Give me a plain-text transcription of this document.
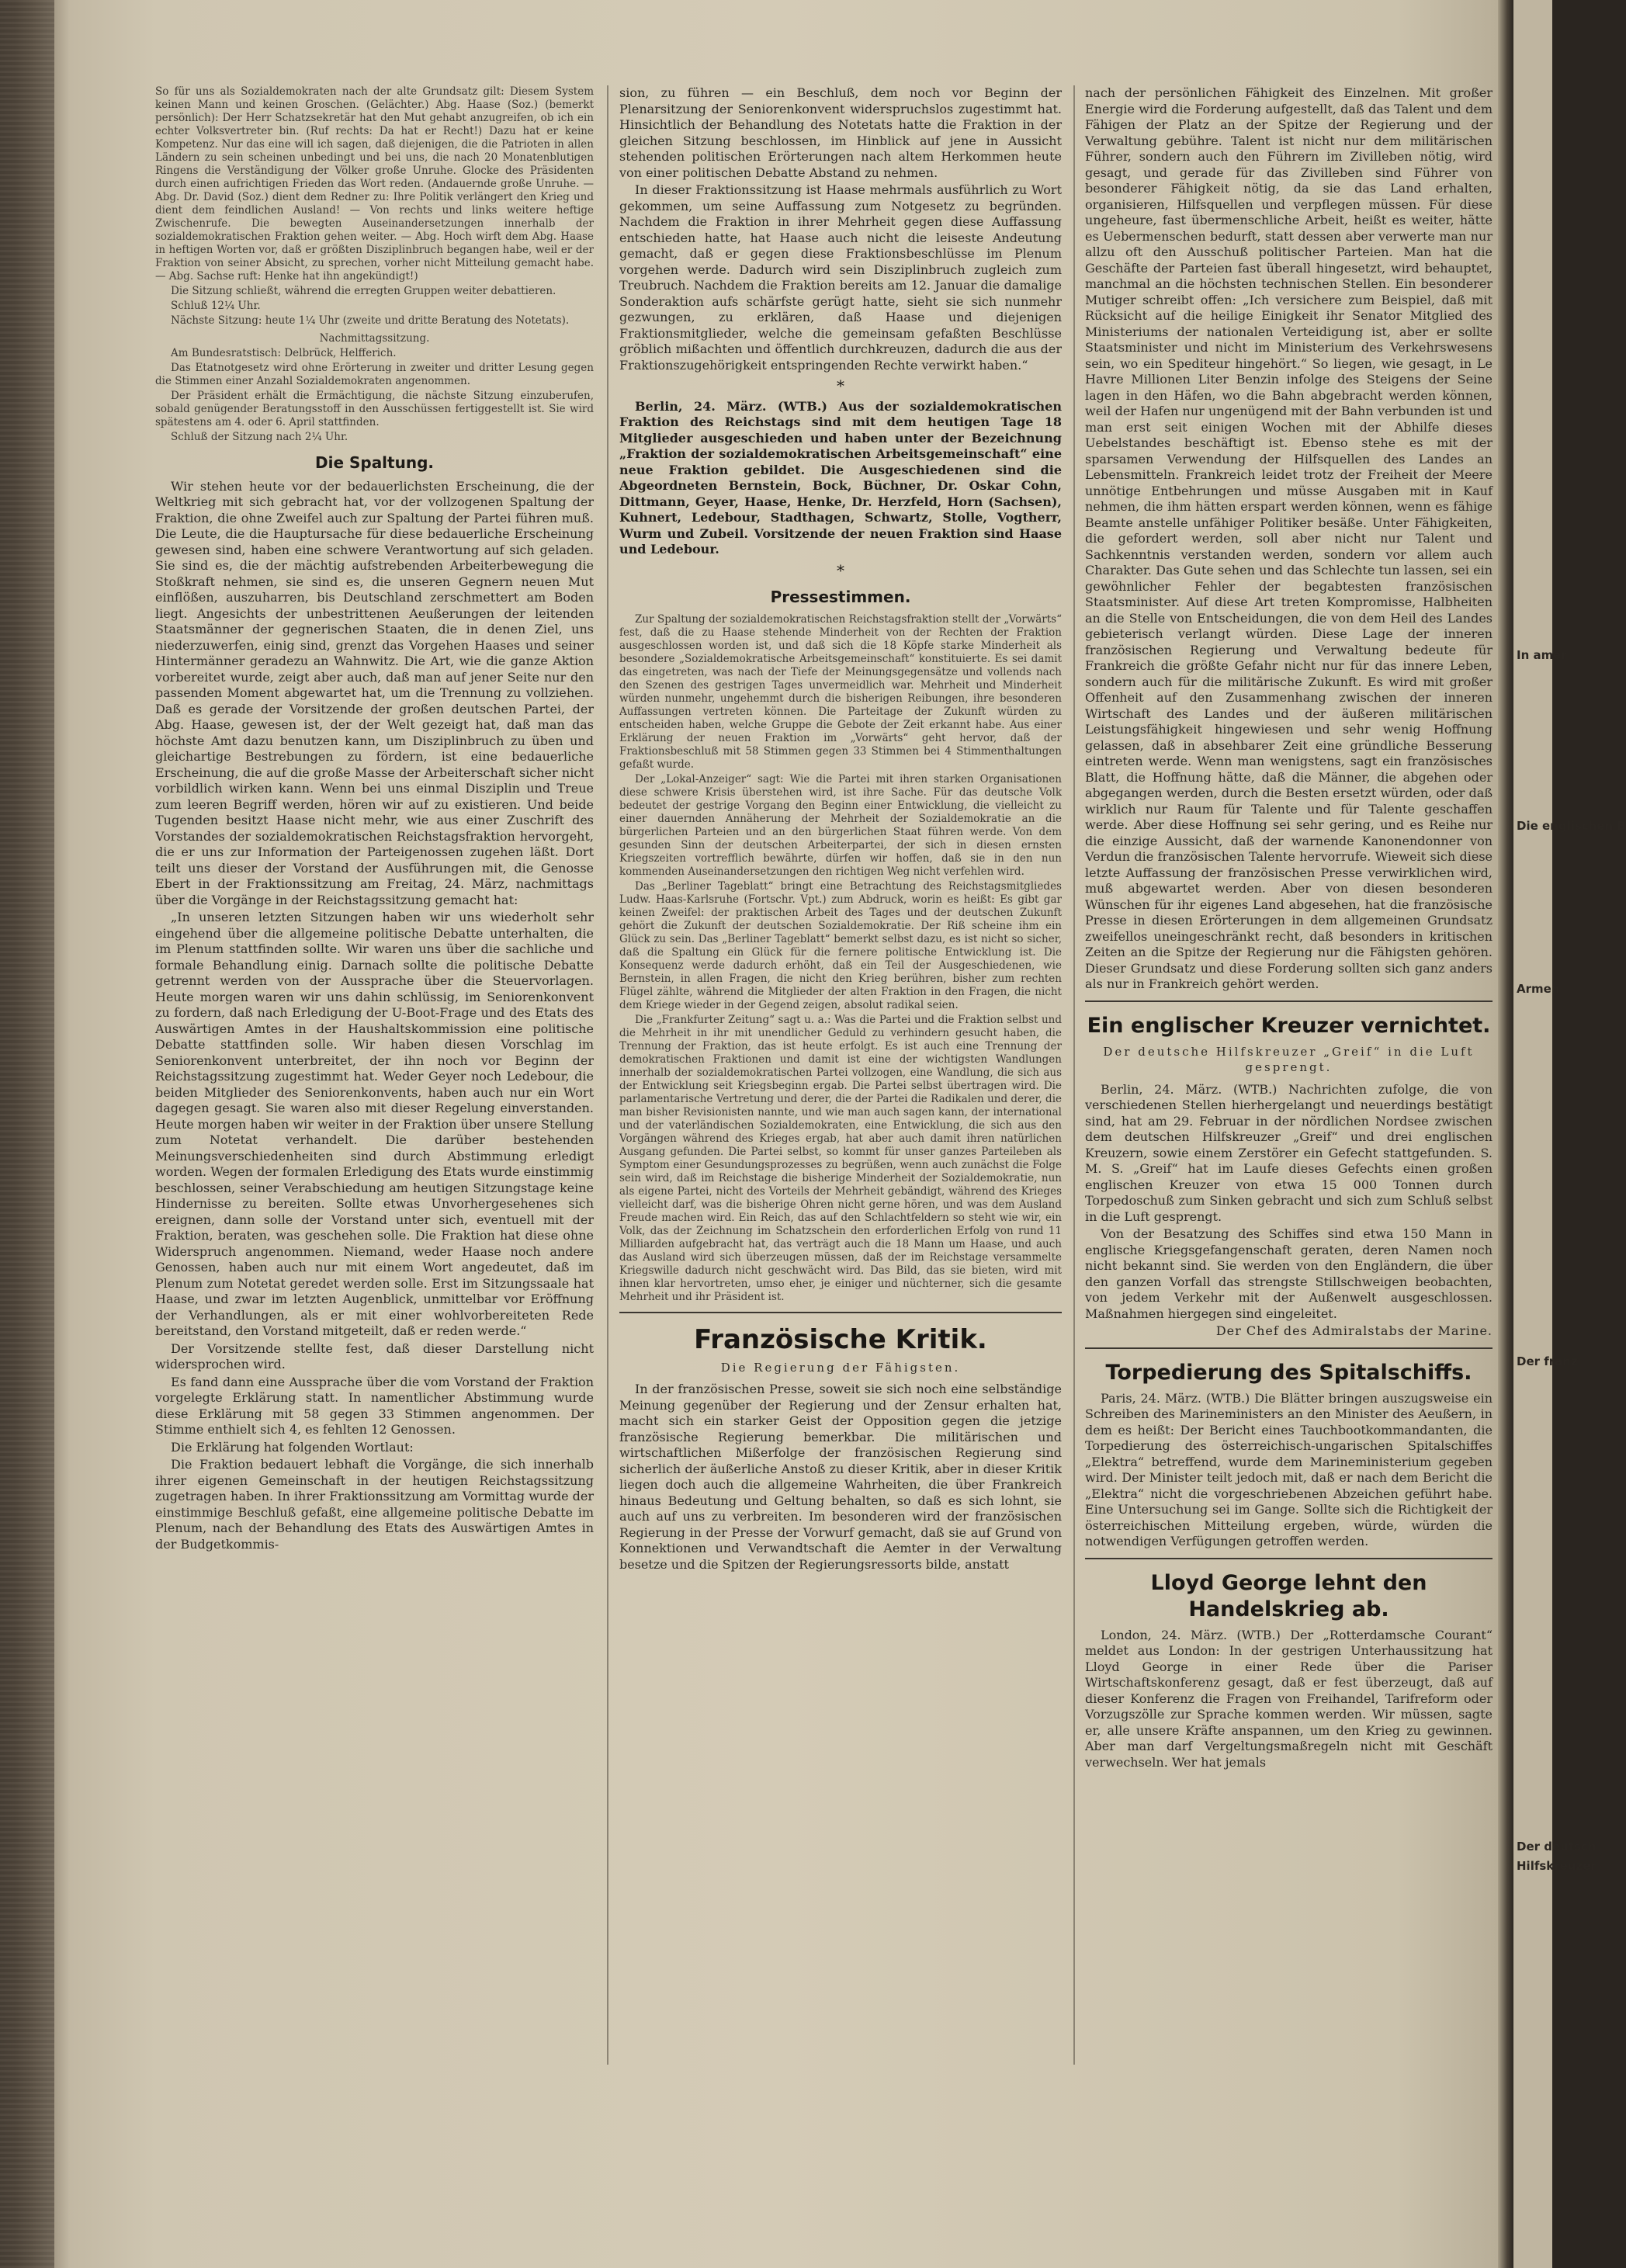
So für uns als Sozialdemokraten nach der alte Grundsatz gilt: Diesem System keinen Mann und keinen Groschen. (Gelächter.) Abg. Haase (Soz.) (bemerkt persönlich): Der Herr Schatzsekretär hat den Mut gehabt anzugreifen, ob ich ein echter Volksvertreter bin. (Ruf rechts: Da hat er Recht!) Dazu hat er keine Kompetenz. Nur das eine will ich sagen, daß diejenigen, die die Patrioten in allen Ländern zu sein scheinen unbedingt und bei uns, die nach 20 Monatenblutigen Ringens die Verständigung der Völker große Unruhe. Glocke des Präsidenten durch einen aufrichtigen Frieden das Wort reden. (Andauernde große Unruhe. — Abg. Dr. David (Soz.) dient dem Redner zu: Ihre Politik verlängert den Krieg und dient dem feindlichen Ausland! — Von rechts und links weitere heftige Zwischenrufe. Die bewegten Auseinandersetzungen innerhalb der sozialdemokratischen Fraktion gehen weiter. — Abg. Hoch wirft dem Abg. Haase in heftigen Worten vor, daß er größten Disziplinbruch begangen habe, weil er der Fraktion von seiner Absicht, zu sprechen, vorher nicht Mitteilung gemacht habe. — Abg. Sachse ruft: Henke hat ihn angekündigt!)

Die Sitzung schließt, während die erregten Gruppen weiter debattieren.

Schluß 12¼ Uhr.

Nächste Sitzung: heute 1¼ Uhr (zweite und dritte Beratung des Notetats).

Nachmittagssitzung.

Am Bundesratstisch: Delbrück, Helfferich.

Das Etatnotgesetz wird ohne Erörterung in zweiter und dritter Lesung gegen die Stimmen einer Anzahl Sozialdemokraten angenommen.

Der Präsident erhält die Ermächtigung, die nächste Sitzung einzuberufen, sobald genügender Beratungsstoff in den Ausschüssen fertiggestellt ist. Sie wird spätestens am 4. oder 6. April stattfinden.

Schluß der Sitzung nach 2¼ Uhr.

Die Spaltung.

Wir stehen heute vor der bedauerlichsten Erscheinung, die der Weltkrieg mit sich gebracht hat, vor der vollzogenen Spaltung der Fraktion, die ohne Zweifel auch zur Spaltung der Partei führen muß. Die Leute, die die Hauptursache für diese bedauerliche Erscheinung gewesen sind, haben eine schwere Verantwortung auf sich geladen. Sie sind es, die der mächtig aufstrebenden Arbeiterbewegung die Stoßkraft nehmen, sie sind es, die unseren Gegnern neuen Mut einflößen, auszuharren, bis Deutschland zerschmettert am Boden liegt. Angesichts der unbestrittenen Aeußerungen der leitenden Staatsmänner der gegnerischen Staaten, die in denen Ziel, uns niederzuwerfen, einig sind, grenzt das Vorgehen Haases und seiner Hintermänner geradezu an Wahnwitz. Die Art, wie die ganze Aktion vorbereitet wurde, zeigt aber auch, daß man auf jener Seite nur den passenden Moment abgewartet hat, um die Trennung zu vollziehen. Daß es gerade der Vorsitzende der großen deutschen Partei, der Abg. Haase, gewesen ist, der der Welt gezeigt hat, daß man das höchste Amt dazu benutzen kann, um Disziplinbruch zu üben und gleichartige Bestrebungen zu fördern, ist eine bedauerliche Erscheinung, die auf die große Masse der Arbeiterschaft sicher nicht vorbildlich wirken kann. Wenn bei uns einmal Disziplin und Treue zum leeren Begriff werden, hören wir auf zu existieren. Und beide Tugenden besitzt Haase nicht mehr, wie aus einer Zuschrift des Vorstandes der sozialdemokratischen Reichstagsfraktion hervorgeht, die er uns zur Information der Parteigenossen zugehen läßt. Dort teilt uns dieser der Vorstand der Ausführungen mit, die Genosse Ebert in der Fraktionssitzung am Freitag, 24. März, nachmittags über die Vorgänge in der Reichstagssitzung gemacht hat:

„In unseren letzten Sitzungen haben wir uns wiederholt sehr eingehend über die allgemeine politische Debatte unterhalten, die im Plenum stattfinden sollte. Wir waren uns über die sachliche und formale Behandlung einig. Darnach sollte die politische Debatte getrennt werden von der Aussprache über die Steuervorlagen. Heute morgen waren wir uns dahin schlüssig, im Seniorenkonvent zu fordern, daß nach Erledigung der U-Boot-Frage und des Etats des Auswärtigen Amtes in der Haushaltskommission eine politische Debatte stattfinden solle. Wir haben diesen Vorschlag im Seniorenkonvent unterbreitet, der ihn noch vor Beginn der Reichstagssitzung zugestimmt hat. Weder Geyer noch Ledebour, die beiden Mitglieder des Seniorenkonvents, haben auch nur ein Wort dagegen gesagt. Sie waren also mit dieser Regelung einverstanden. Heute morgen haben wir weiter in der Fraktion über unsere Stellung zum Notetat verhandelt. Die darüber bestehenden Meinungsverschiedenheiten sind durch Abstimmung erledigt worden. Wegen der formalen Erledigung des Etats wurde einstimmig beschlossen, seiner Verabschiedung am heutigen Sitzungstage keine Hindernisse zu bereiten. Sollte etwas Unvorhergesehenes sich ereignen, dann solle der Vorstand unter sich, eventuell mit der Fraktion, beraten, was geschehen solle. Die Fraktion hat diese ohne Widerspruch angenommen. Niemand, weder Haase noch andere Genossen, haben auch nur mit einem Wort angedeutet, daß im Plenum zum Notetat geredet werden solle. Erst im Sitzungssaale hat Haase, und zwar im letzten Augenblick, unmittelbar vor Eröffnung der Verhandlungen, als er mit einer wohlvorbereiteten Rede bereitstand, den Vorstand mitgeteilt, daß er reden werde.“

Der Vorsitzende stellte fest, daß dieser Darstellung nicht widersprochen wird.

Es fand dann eine Aussprache über die vom Vorstand der Fraktion vorgelegte Erklärung statt. In namentlicher Abstimmung wurde diese Erklärung mit 58 gegen 33 Stimmen angenommen. Der Stimme enthielt sich 4, es fehlten 12 Genossen.

Die Erklärung hat folgenden Wortlaut:

Die Fraktion bedauert lebhaft die Vorgänge, die sich innerhalb ihrer eigenen Gemeinschaft in der heutigen Reichstagssitzung zugetragen haben. In ihrer Fraktionssitzung am Vormittag wurde der einstimmige Beschluß gefaßt, eine allgemeine politische Debatte im Plenum, nach der Behandlung des Etats des Auswärtigen Amtes in der Budgetkommis-

sion, zu führen — ein Beschluß, dem noch vor Beginn der Plenarsitzung der Seniorenkonvent widerspruchslos zugestimmt hat. Hinsichtlich der Behandlung des Notetats hatte die Fraktion in der gleichen Sitzung beschlossen, im Hinblick auf jene in Aussicht stehenden politischen Erörterungen nach altem Herkommen heute von einer politischen Debatte Abstand zu nehmen.

In dieser Fraktionssitzung ist Haase mehrmals ausführlich zu Wort gekommen, um seine Auffassung zum Notgesetz zu begründen. Nachdem die Fraktion in ihrer Mehrheit gegen diese Auffassung entschieden hatte, hat Haase auch nicht die leiseste Andeutung gemacht, daß er gegen diese Fraktionsbeschlüsse im Plenum vorgehen werde. Dadurch wird sein Disziplinbruch zugleich zum Treubruch. Nachdem die Fraktion bereits am 12. Januar die damalige Sonderaktion aufs schärfste gerügt hatte, sieht sie sich nunmehr gezwungen, zu erklären, daß Haase und diejenigen Fraktionsmitglieder, welche die gemeinsam gefaßten Beschlüsse gröblich mißachten und öffentlich durchkreuzen, dadurch die aus der Fraktionszugehörigkeit entspringenden Rechte verwirkt haben.“

*

Berlin, 24. März. (WTB.) Aus der sozialdemokratischen Fraktion des Reichstags sind mit dem heutigen Tage 18 Mitglieder ausgeschieden und haben unter der Bezeichnung „Fraktion der sozialdemokratischen Arbeitsgemeinschaft“ eine neue Fraktion gebildet. Die Ausgeschiedenen sind die Abgeordneten Bernstein, Bock, Büchner, Dr. Oskar Cohn, Dittmann, Geyer, Haase, Henke, Dr. Herzfeld, Horn (Sachsen), Kuhnert, Ledebour, Stadthagen, Schwartz, Stolle, Vogtherr, Wurm und Zubeil. Vorsitzende der neuen Fraktion sind Haase und Ledebour.

*
Pressestimmen.

Zur Spaltung der sozialdemokratischen Reichstagsfraktion stellt der „Vorwärts“ fest, daß die zu Haase stehende Minderheit von der Rechten der Fraktion ausgeschlossen worden ist, und daß sich die 18 Köpfe starke Minderheit als besondere „Sozialdemokratische Arbeitsgemeinschaft“ konstituierte. Es sei damit das eingetreten, was nach der Tiefe der Meinungsgegensätze und vollends nach den Szenen des gestrigen Tages unvermeidlich war. Mehrheit und Minderheit würden nunmehr, ungehemmt durch die bisherigen Reibungen, ihre besonderen Auffassungen vertreten können. Die Parteitage der Zukunft würden zu entscheiden haben, welche Gruppe die Gebote der Zeit erkannt habe. Aus einer Erklärung der neuen Fraktion im „Vorwärts“ geht hervor, daß der Fraktionsbeschluß mit 58 Stimmen gegen 33 Stimmen bei 4 Stimmenthaltungen gefaßt wurde.

Der „Lokal-Anzeiger“ sagt: Wie die Partei mit ihren starken Organisationen diese schwere Krisis überstehen wird, ist ihre Sache. Für das deutsche Volk bedeutet der gestrige Vorgang den Beginn einer Entwicklung, die vielleicht zu einer dauernden Annäherung der Mehrheit der Sozialdemokratie an die bürgerlichen Parteien und an den bürgerlichen Staat führen werde. Von dem gesunden Sinn der deutschen Arbeiterpartei, der sich in diesen ernsten Kriegszeiten vortrefflich bewährte, dürfen wir hoffen, daß sie in den nun kommenden Auseinandersetzungen den richtigen Weg nicht verfehlen wird.

Das „Berliner Tageblatt“ bringt eine Betrachtung des Reichstagsmitgliedes Ludw. Haas-Karlsruhe (Fortschr. Vpt.) zum Abdruck, worin es heißt: Es gibt gar keinen Zweifel: der praktischen Arbeit des Tages und der deutschen Zukunft gehört die Zukunft der deutschen Sozialdemokratie. Der Riß scheine ihm ein Glück zu sein. Das „Berliner Tageblatt“ bemerkt selbst dazu, es ist nicht so sicher, daß die Spaltung ein Glück für die fernere politische Entwicklung ist. Die Konsequenz werde dadurch erhöht, daß ein Teil der Ausgeschiedenen, wie Bernstein, in allen Fragen, die nicht den Krieg berühren, bisher zum rechten Flügel zählte, während die Mitglieder der alten Fraktion in den Fragen, die nicht dem Kriege wieder in der Gegend zeigen, absolut radikal seien.

Die „Frankfurter Zeitung“ sagt u. a.: Was die Partei und die Fraktion selbst und die Mehrheit in ihr mit unendlicher Geduld zu verhindern gesucht haben, die Trennung der Fraktion, das ist heute erfolgt. Es ist auch eine Trennung der demokratischen Fraktionen und damit ist eine der wichtigsten Wandlungen innerhalb der sozialdemokratischen Partei vollzogen, eine Wandlung, die sich aus der Entwicklung seit Kriegsbeginn ergab. Die Partei selbst übertragen wird. Die parlamentarische Vertretung und derer, die der Partei die Radikalen und derer, die man bisher Revisionisten nannte, und wie man auch sagen kann, der international und der vaterländischen Sozialdemokraten, eine Entwicklung, die sich aus den Vorgängen während des Krieges ergab, hat aber auch damit ihren natürlichen Ausgang gefunden. Die Partei selbst, so kommt für unser ganzes Parteileben als Symptom einer Gesundungsprozesses zu begrüßen, wenn auch zunächst die Folge sein wird, daß im Reichstage die bisherige Minderheit der Sozialdemokratie, nun als eigene Partei, nicht des Vorteils der Mehrheit gebändigt, während des Krieges vielleicht darf, was die bisherige Ohren nicht gerne hören, und was dem Ausland Freude machen wird. Ein Reich, das auf den Schlachtfeldern so steht wie wir, ein Volk, das der Zeichnung im Schatzschein den erforderlichen Erfolg von rund 11 Milliarden aufgebracht hat, das verträgt auch die 18 Mann um Haase, und auch das Ausland wird sich überzeugen müssen, daß der im Reichstage versammelte Kriegswille dadurch nicht geschwächt wird. Das Bild, das sie bieten, wird mit ihnen klar hervortreten, umso eher, je einiger und nüchterner, sich die gesamte Mehrheit und ihr Präsident ist.

Französische Kritik.
Die Regierung der Fähigsten.

In der französischen Presse, soweit sie sich noch eine selbständige Meinung gegenüber der Regierung und der Zensur erhalten hat, macht sich ein starker Geist der Opposition gegen die jetzige französische Regierung bemerkbar. Die militärischen und wirtschaftlichen Mißerfolge der französischen Regierung sind sicherlich der äußerliche Anstoß zu dieser Kritik, aber in dieser Kritik liegen doch auch die allgemeine Wahrheiten, die über Frankreich hinaus Bedeutung und Geltung behalten, so daß es sich lohnt, sie auch auf uns zu verbreiten. Im besonderen wird der französischen Regierung in der Presse der Vorwurf gemacht, daß sie auf Grund von Konnektionen und Verwandtschaft die Aemter in der Verwaltung besetze und die Spitzen der Regierungsressorts bilde, anstatt

nach der persönlichen Fähigkeit des Einzelnen. Mit großer Energie wird die Forderung aufgestellt, daß das Talent und dem Fähigen der Platz an der Spitze der Regierung und der Verwaltung gebühre. Talent ist nicht nur dem militärischen Führer, sondern auch den Führern im Zivilleben nötig, wird gesagt, und gerade für das Zivilleben sind Führer von besonderer Fähigkeit nötig, da sie das Land erhalten, organisieren, Hilfsquellen und verpflegen müssen. Für diese ungeheure, fast übermenschliche Arbeit, heißt es weiter, hätte es Uebermenschen bedurft, statt dessen aber verwerte man nur allzu oft den Ausschuß politischer Parteien. Man hat die Geschäfte der Parteien fast überall hingesetzt, wird behauptet, manchmal an die höchsten technischen Stellen. Ein besonderer Mutiger schreibt offen: „Ich versichere zum Beispiel, daß mit Rücksicht auf die heilige Einigkeit ihr Senator Mitglied des Ministeriums der nationalen Verteidigung ist, aber er sollte Staatsminister und nicht im Ministerium des Verkehrswesens sein, wo ein Spediteur hingehört.“ So liegen, wie gesagt, in Le Havre Millionen Liter Benzin infolge des Steigens der Seine lagen in den Häfen, wo die Bahn abgebracht werden können, weil der Hafen nur ungenügend mit der Bahn verbunden ist und man erst seit einigen Wochen mit der Abhilfe dieses Uebelstandes beschäftigt ist. Ebenso stehe es mit der sparsamen Verwendung der Hilfsquellen des Landes an Lebensmitteln. Frankreich leidet trotz der Freiheit der Meere unnötige Entbehrungen und müsse Ausgaben mit in Kauf nehmen, die ihm hätten erspart werden können, wenn es fähige Beamte anstelle unfähiger Politiker besäße. Unter Fähigkeiten, die gefordert werden, soll aber nicht nur Talent und Sachkenntnis verstanden werden, sondern vor allem auch Charakter. Das Gute sehen und das Schlechte tun lassen, sei ein gewöhnlicher Fehler der begabtesten französischen Staatsminister. Auf diese Art treten Kompromisse, Halbheiten an die Stelle von Entscheidungen, die von dem Heil des Landes gebieterisch verlangt würden. Diese Lage der inneren französischen Regierung und Verwaltung bedeute für Frankreich die größte Gefahr nicht nur für das innere Leben, sondern auch für die militärische Zukunft. Es wird mit großer Offenheit auf den Zusammenhang zwischen der inneren Wirtschaft des Landes und der äußeren militärischen Leistungsfähigkeit hingewiesen und sehr wenig Hoffnung gelassen, daß in absehbarer Zeit eine gründliche Besserung eintreten werde. Wenn man wenigstens, sagt ein französisches Blatt, die Hoffnung hätte, daß die Männer, die abgehen oder abgegangen werden, durch die Besten ersetzt würden, oder daß wirklich nur Raum für Talente und für Talente geschaffen werde. Aber diese Hoffnung sei sehr gering, und es Reihe nur die einzige Aussicht, daß der warnende Kanonendonner von Verdun die französischen Talente hervorrufe. Wieweit sich diese letzte Auffassung der französischen Presse verwirklichen wird, muß abgewartet werden. Aber von diesen besonderen Wünschen für ihr eigenes Land abgesehen, hat die französische Presse in diesen Erörterungen in dem allgemeinen Grundsatz zweifellos uneingeschränkt recht, daß besonders in kritischen Zeiten an die Spitze der Regierung nur die Fähigsten gehören. Dieser Grundsatz und diese Forderung sollten sich ganz anders als nur in Frankreich gehört werden.

Ein englischer Kreuzer vernichtet.
Der deutsche Hilfskreuzer „Greif“ in die Luft gesprengt.

Berlin, 24. März. (WTB.) Nachrichten zufolge, die von verschiedenen Stellen hierhergelangt und neuerdings bestätigt sind, hat am 29. Februar in der nördlichen Nordsee zwischen dem deutschen Hilfskreuzer „Greif“ und drei englischen Kreuzern, sowie einem Zerstörer ein Gefecht stattgefunden. S. M. S. „Greif“ hat im Laufe dieses Gefechts einen großen englischen Kreuzer von etwa 15 000 Tonnen durch Torpedoschuß zum Sinken gebracht und sich zum Schluß selbst in die Luft gesprengt.

Von der Besatzung des Schiffes sind etwa 150 Mann in englische Kriegsgefangenschaft geraten, deren Namen noch nicht bekannt sind. Sie werden von den Engländern, die über den ganzen Vorfall das strengste Stillschweigen beobachten, von jedem Verkehr mit der Außenwelt ausgeschlossen. Maßnahmen hiergegen sind eingeleitet.

Der Chef des Admiralstabs der Marine.

Torpedierung des Spitalschiffs.

Paris, 24. März. (WTB.) Die Blätter bringen auszugsweise ein Schreiben des Marineministers an den Minister des Aeußern, in dem es heißt: Der Bericht eines Tauchbootkommandanten, die Torpedierung des österreichisch-ungarischen Spitalschiffes „Elektra“ betreffend, wurde dem Marineministerium gegeben wird. Der Minister teilt jedoch mit, daß er nach dem Bericht die „Elektra“ nicht die vorgeschriebenen Abzeichen geführt habe. Eine Untersuchung sei im Gange. Sollte sich die Richtigkeit der österreichischen Mitteilung ergeben, würde, würden die notwendigen Verfügungen getroffen werden.

Lloyd George lehnt den Handelskrieg ab.

London, 24. März. (WTB.) Der „Rotterdamsche Courant“ meldet aus London: In der gestrigen Unterhaussitzung hat Lloyd George in einer Rede über die Pariser Wirtschaftskonferenz gesagt, daß er fest überzeugt, daß auf dieser Konferenz die Fragen von Freihandel, Tarifreform oder Vorzugszölle zur Sprache kommen werden. Wir müssen, sagte er, alle unsere Kräfte anspannen, um den Krieg zu gewinnen. Aber man darf Vergeltungsmaßregeln nicht mit Geschäft verwechseln. Wer hat jemals

In amer
Die englischen B
Armen
Der franz
Der deutsch
Hilfskreuzer
